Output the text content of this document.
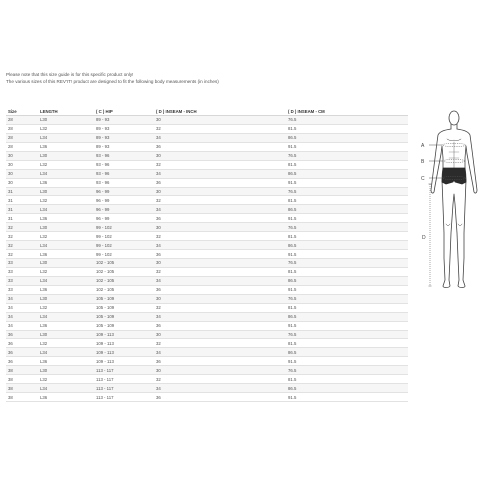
Please note that this size guide is for this specific product only!
The various sizes of this REV'IT! product are designed to fit the following body measurements (in inches)
Size	LENGTH	( C ) HIP	( D ) INSEAM - INCH	( D ) INSEAM - CM
28	L30	89 - 93	30	76.5
28	L32	89 - 93	32	81.5
28	L34	89 - 93	34	86.5
28	L36	89 - 93	36	91.5
30	L30	93 - 96	30	76.5
30	L32	93 - 96	32	81.5
30	L34	93 - 96	34	86.5
30	L36	93 - 96	36	91.5
31	L30	96 - 99	30	76.5
31	L32	96 - 99	32	81.5
31	L34	96 - 99	34	86.5
31	L36	96 - 99	36	91.5
32	L30	99 - 102	30	76.5
32	L32	99 - 102	32	81.5
32	L34	99 - 102	34	86.5
32	L36	99 - 102	36	91.5
33	L30	102 - 105	30	76.5
33	L32	102 - 105	32	81.5
33	L34	102 - 105	34	86.5
33	L36	102 - 105	36	91.5
34	L30	105 - 109	30	76.5
34	L32	105 - 109	32	81.5
34	L34	105 - 109	34	86.5
34	L36	105 - 109	36	91.5
36	L30	109 - 113	30	76.5
36	L32	109 - 113	32	81.5
36	L34	109 - 113	34	86.5
36	L36	109 - 113	36	91.5
38	L30	113 - 117	30	76.5
38	L32	113 - 117	32	81.5
38	L34	113 - 117	34	86.5
38	L36	113 - 117	36	91.5
A
B
C
D
